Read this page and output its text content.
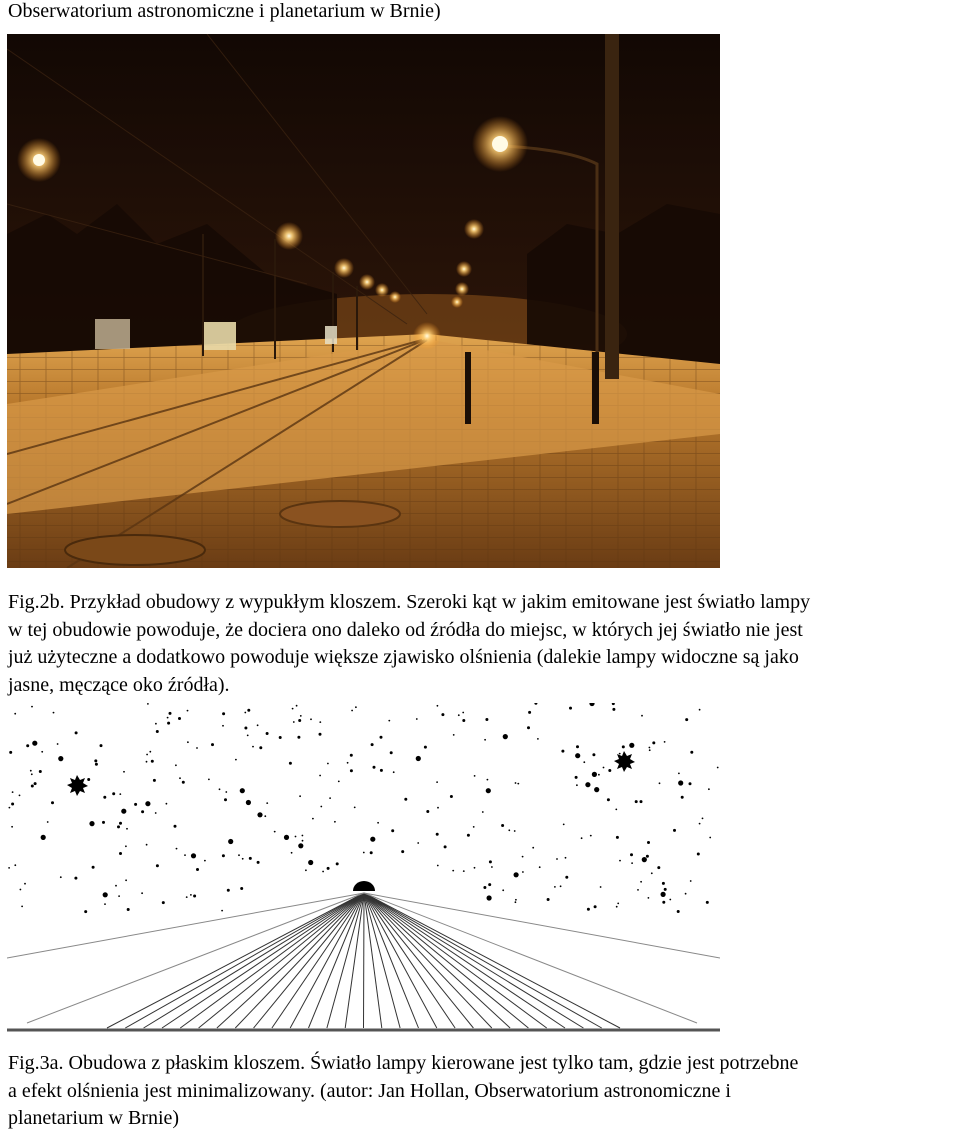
Obserwatorium astronomiczne i planetarium w Brnie)
Fig.2b. Przykład obudowy z wypukłym kloszem. Szeroki kąt w jakim emitowane jest światło lampy
w tej obudowie powoduje, że dociera ono daleko od źródła do miejsc, w których jej światło nie jest
już użyteczne a dodatkowo powoduje większe zjawisko olśnienia (dalekie lampy widoczne są jako
jasne, męczące oko źródła).
Fig.3a. Obudowa z płaskim kloszem. Światło lampy kierowane jest tylko tam, gdzie jest potrzebne
a efekt olśnienia jest minimalizowany. (autor: Jan Hollan, Obserwatorium astronomiczne i
planetarium w Brnie)
